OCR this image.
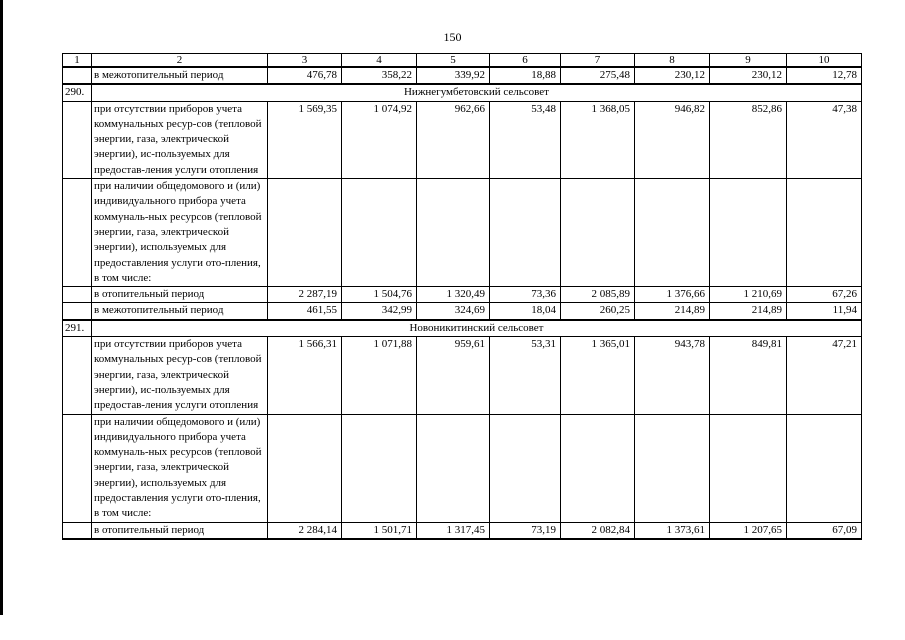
150
1	2	3	4	5	6	7	8	9	10
	в межотопительный период	476,78	358,22	339,92	18,88	275,48	230,12	230,12	12,78
290.	Нижнегумбетовский сельсовет								
	при отсутствии приборов учета коммунальных ресур-сов (тепловой энергии, газа, электрической энергии), ис-пользуемых для предостав-ления услуги отопления	1 569,35	1 074,92	962,66	53,48	1 368,05	946,82	852,86	47,38
	при наличии общедомового и (или) индивидуального прибора учета коммуналь-ных ресурсов (тепловой энергии, газа, электрической энергии), используемых для предоставления услуги ото-пления, в том числе:								
	в отопительный период	2 287,19	1 504,76	1 320,49	73,36	2 085,89	1 376,66	1 210,69	67,26
	в межотопительный период	461,55	342,99	324,69	18,04	260,25	214,89	214,89	11,94
291.	Новоникитинский сельсовет								
	при отсутствии приборов учета коммунальных ресур-сов (тепловой энергии, газа, электрической энергии), ис-пользуемых для предостав-ления услуги отопления	1 566,31	1 071,88	959,61	53,31	1 365,01	943,78	849,81	47,21
	при наличии общедомового и (или) индивидуального прибора учета коммуналь-ных ресурсов (тепловой энергии, газа, электрической энергии), используемых для предоставления услуги ото-пления, в том числе:								
	в отопительный период	2 284,14	1 501,71	1 317,45	73,19	2 082,84	1 373,61	1 207,65	67,09
